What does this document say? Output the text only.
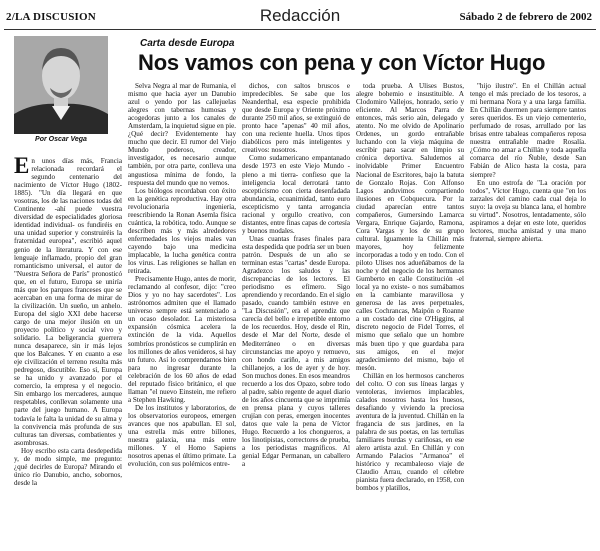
2/LA DISCUSION	Redacción	Sábado 2 de febrero de 2002
Por Oscar Vega
Carta desde Europa
Nos vamos con pena y con Víctor Hugo

En unos días más, Francia relacionada recordará el segundo centenario del nacimiento de Víctor Hugo (1802-1885). "Un día llegará en que vosotras, los de las naciones todas del Continente -ahí puede vuestra diversidad de especialidades gloriosa identidad individual- os fundiréis en una unidad superior y construiréis la fraternidad europea", escribió aquel genio de la literatura. Y con ese lenguaje inflamado, propio del gran romanticismo universal, el autor de "Nuestra Señora de París" pronosticó que, en el futuro, Europa se uniría más que los parques franceses que se acercaban en una forma de mirar de la civilización. Un sueño, un anhelo. Europa del siglo XXI debe hacerse cargo de una mejor ilusión en un proyecto político y social vivo y solidario. La beligerancia guerrera nunca desaparece, sin ir más lejos que los Balcanes. Y en cuanto a ese eje civilización el terreno resulta más pedregoso, discutible. Eso sí, Europa se ha unido y avanzado por el comercio, la empresa y el negocio. Sin embargo los mercaderes, aunque respetables, conllevan solamente una parte del juego humano. A Europa todavía le falta la unidad de su alma y la convivencia más profunda de sus culturas tan diversas, combatientes y asombrosas.

Hoy escribo esta carta desdepedida y, de modo simple, me pregunto: ¿qué decirles de Europa? Mirando el único río Danubio, ancho, sobornos, desde la

Selva Negra al mar de Rumania, el mismo que hacia ayer un Danubio azul o yendo por las callejuelas alegres con tabernas humosas y acogedoras junto a los canales de Amsterdam, la inquietud sigue en pie. ¿Qué decir? Evidentemente hay mucho que decir. El rumor del Viejo Mundo poderoso, creador, investigador, es necesario aunque también, por otra parte, conlleva una angustiosa mínima de fondo, la respuesta del mundo que no vemos.

Los biólogos recordaban con éxito en la genética reproductiva. Hay otra revolucionaria ingeniería, reescribiendo la Ronan Asemla física cuántica, la robótica, todo. Aunque se describen más y más alrededores enfermedades los viejos males van cayendo bajo una medicina implacable, la lucha genética contra los virus. Las religiones se hallan en retirada.

Precisamente Hugo, antes de morir, reclamando al confesor, dijo: "creo Dios y yo no hay sacerdotes". Los astrónomos admiten que el llamado universo sempre está sentenciado a un ocaso desolador. La misteriosa expansión cósmica acelera la extinción de la vida. Aquellos sombríos pronósticos se cumplirán en los millones de años venideros, si hay un futuro. Así lo comprendamos bien para no ingresar durante la celebración de los 60 años de edad del reputado físico británico, el que llaman "el nuevo Einstein, me refiero a Stephen Hawking.

De los institutos y laboratorios, de los observatorios europeos, emergen avances que nos apabullan. El sol, una estrella más entre billones, nuestra galaxia, una más entre millones. Y el Homo Sapiens nosotros apenas el último primate. La evolución, con sus polémicos entre-

dichos, con saltos bruscos e impredecibles. Se sabe que los Neanderthal, esa especie prohibida que desde Europa y Oriente próximo durante 250 mil años, se extinguió de pronto hace "apenas" 40 mil años, con una reciente huella. Unos tipos diabólicos pero más inteligentes y creativos: nosotros.

Como sudamericano empantanado desde 1973 en este Viejo Mundo -pleno a mi tierra- confieso que la inteligencia local derrotará tanto escepticismo con cierta desenfadada abundancia, ecuanimidad, tanto euro escepticismo y tanta arrogancia racional y orgullo creativo, con distantes, entre finas capas de cortesía y buenos modales.

Unas cuantas frases finales para esta despedida que podría ser un buen patrón. Después de un año se terminan estas "cartas" desde Europa. Agradezco los saludos y las discrepancias de los lectores. El periodismo es efímero. Sigo aprendiendo y recordando. En el siglo pasado, cuando también estuve en "La Discusión", era el aprendiz que carecía del bello e irrepetible entorno de los recuerdos. Hoy, desde el Rin, desde el Mar del Norte, desde el Mediterráneo o en diversas circunstancias me apoyo y remuevo, con hondo cariño, a mis amigos chillanejos, a los de ayer y de hoy. Son muchos dones. En esos meandros recuerdo a los dos Opazo, sobre todo al padre, sabio regente de aquel diario de los años cincuenta que se imprimía en prensa plana y cuyos talleres crujían con peras, emergen inocentes datos que vale la pena de Víctor Hugo. Recuerdo a los chongueros, a los linotipistas, correctores de prueba, a los periodistas magníficos. Al genial Edgar Permanan, un caballero a

toda prueba. A Ulises Bustos, alegre bohemio e insustituible. A Clodomiro Vallejos, honrado, serio y eficiente. Al Marcos Parra de entonces, más serio aún, delegado y atento. No me olvido de Apolinario Ordenes, un gordo entrañable luchando con la vieja máquina de escribir para sacar en limpio su crónica deportiva. Saludemos al inolvidable Primer Encuentro Nacional de Escritores, bajo la batuta de Gonzalo Rojas. Con Alfonso Lagos anduvimos compartiendo ilusiones en Cobquecura. Por la ciudad aparecían entre tantos compañeros, Gumersindo Lamarca Vergara, Enrique Gajardo, Ramona, Cora Vargas y los de su grupo cultural. Iguamente la Chillán más mayores, hoy felizmente incorporadas a todo y en todo. Con el piloto Ulises nos adueñábamos de la noche y del negocio de los hermanos Gumberto en calle Constitución -el local ya no existe- o nos sumábamos en la cambiante maravillosa y generosa de las aves perpetuales, calles Cochrancas, Maipón o Roanne a un costado del cine O'Higgins, al discreto negocio de Fidel Torres, el mismo que señalo que un hombre más buen tipo y que guardaba para sus amigos, en el mejor agradecimiento del mismo, bajo el mesón.

Chillán en los hermosos cancheros del colto. O con sus líneas largas y ventoleras, inviernos implacables, calados nosotros hasta los huesos, desafiando y viviendo la preciosa aventura de la juventud. Chillán en la fragancia de sus jardines, en la palabra de sus poetas, en las tertulias familiares burdas y cariñosas, en ese alero artista azul. En Chillán y con Armando Palacios "Armanoa" el histórico y recambaleoso viaje de Claudio Arrau, cuando el célebre pianista fuera declarado, en 1958, con bombos y platillos,

"hijo ilustre". En el Chillán actual tengo el más preciado de los tesoros, a mi hermana Nora y a una larga familia. En Chillán duermen para siempre tantos seres queridos. Es un viejo cementerio, perfumado de rosas, arrullado por las brisas entre tabaleas compañeros reposa nuestra entrañable madre Rosalía. ¿Cómo no amar a Chillán y toda aquella comarca del río Ñuble, desde San Fabián de Alico hasta la costa, para siempre?

En uno estrofa de "La oración por todos", Víctor Hugo, cuenta que "en los zarzales del camino cada cual deja lo suyo: la oveja su blanca lana, el hombre su virtud". Nosotros, lentadamente, sólo aspiramos a dejar en este lote, queridos lectores, mucha amistad y una mano fraternal, siempre abierta.
